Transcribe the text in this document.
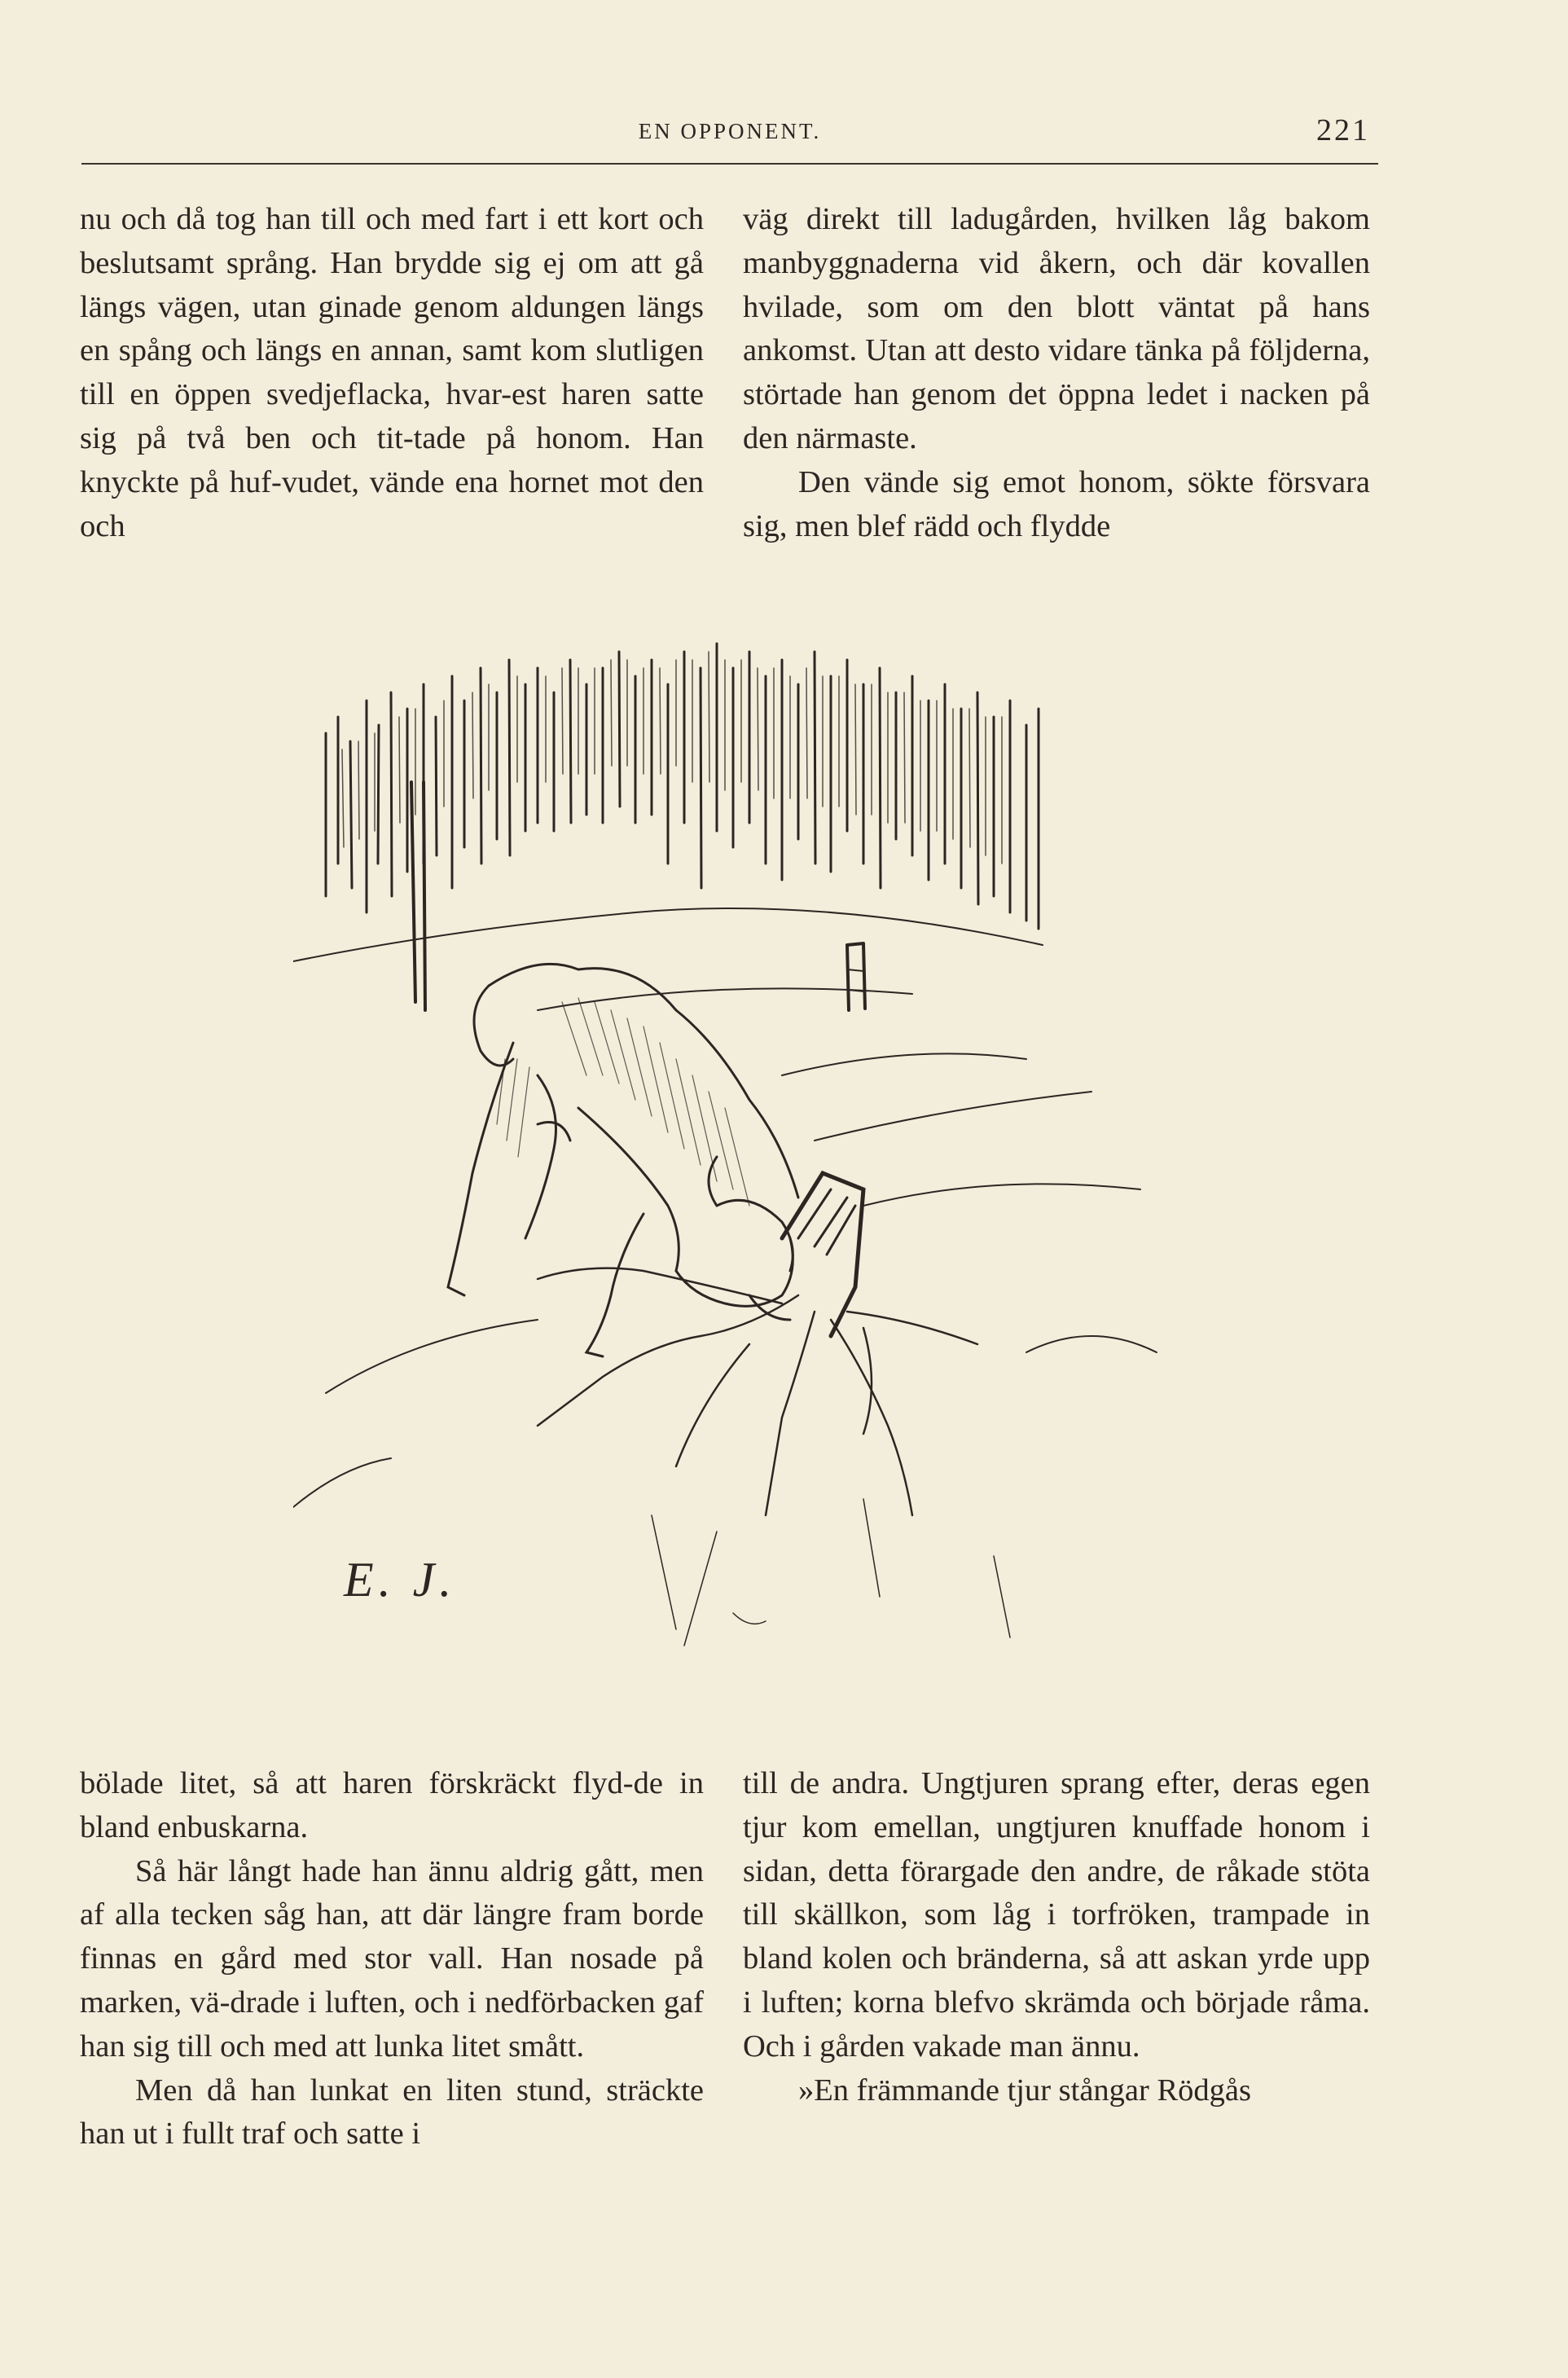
EN OPPONENT.	221

nu och då tog han till och med fart i ett kort och beslutsamt språng. Han brydde sig ej om att gå längs vägen, utan ginade genom aldungen längs en spång och längs en annan, samt kom slutligen till en öppen svedjeflacka, hvar-est haren satte sig på två ben och tit-tade på honom. Han knyckte på huf-vudet, vände ena hornet mot den och

väg direkt till ladugården, hvilken låg bakom manbyggnaderna vid åkern, och där kovallen hvilade, som om den blott väntat på hans ankomst. Utan att desto vidare tänka på följderna, störtade han genom det öppna ledet i nacken på den närmaste.

Den vände sig emot honom, sökte försvara sig, men blef rädd och flydde

E. J.

bölade litet, så att haren förskräckt flyd-de in bland enbuskarna.

Så här långt hade han ännu aldrig gått, men af alla tecken såg han, att där längre fram borde finnas en gård med stor vall. Han nosade på marken, vä-drade i luften, och i nedförbacken gaf han sig till och med att lunka litet smått.

Men då han lunkat en liten stund, sträckte han ut i fullt traf och satte i

till de andra. Ungtjuren sprang efter, deras egen tjur kom emellan, ungtjuren knuffade honom i sidan, detta förargade den andre, de råkade stöta till skällkon, som låg i torfröken, trampade in bland kolen och bränderna, så att askan yrde upp i luften; korna blefvo skrämda och började råma. Och i gården vakade man ännu.

»En främmande tjur stångar Rödgås
